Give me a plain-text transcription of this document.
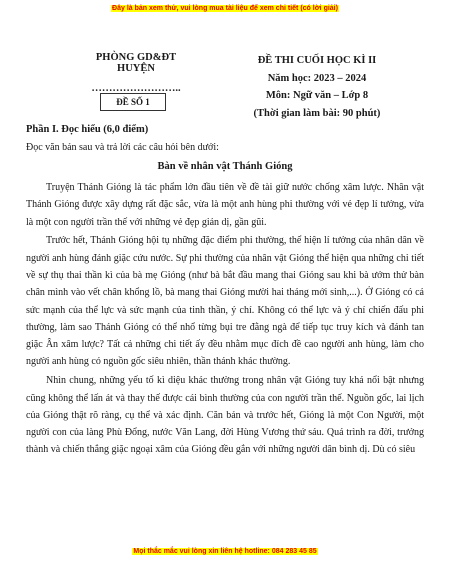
Đây là bản xem thử, vui lòng mua tài liệu để xem chi tiết (có lời giải)
PHÒNG GD&ĐT HUYỆN
……………………..
ĐỀ SỐ 1
ĐỀ THI CUỐI HỌC KÌ II
Năm học: 2023 – 2024
Môn: Ngữ văn – Lớp 8
(Thời gian làm bài: 90 phút)
Phần I. Đọc hiểu (6,0 điểm)
Đọc văn bản sau và trả lời các câu hỏi bên dưới:
Bàn về nhân vật Thánh Gióng

Truyện Thánh Gióng là tác phẩm lớn đầu tiên về đề tài giữ nước chống xâm lược. Nhân vật Thánh Gióng được xây dựng rất đặc sắc, vừa là một anh hùng phi thường với vẻ đẹp lí tưởng, vừa là một con người trần thế với những vẻ đẹp giản dị, gần gũi.

Trước hết, Thánh Gióng hội tụ những đặc điểm phi thường, thể hiện lí tưởng của nhân dân về người anh hùng đánh giặc cứu nước. Sự phi thường của nhân vật Gióng thể hiện qua những chi tiết về sự thụ thai thần kì của bà mẹ Gióng (như bà bắt đầu mang thai Gióng sau khi bà ướm thử bàn chân mình vào vết chân khổng lồ, bà mang thai Gióng mười hai tháng mới sinh,...). Ở Gióng có cả sức mạnh của thể lực và sức mạnh của tinh thần, ý chí. Không có thể lực và ý chí chiến đấu phi thường, làm sao Thánh Gióng có thể nhổ từng bụi tre đằng ngà để tiếp tục truy kích và đánh tan giặc Ân xâm lược? Tất cả những chi tiết ấy đều nhằm mục đích đề cao người anh hùng, làm cho người anh hùng có nguồn gốc siêu nhiên, thần thánh khác thường.

Nhìn chung, những yếu tố kì diệu khác thường trong nhân vật Gióng tuy khá nổi bật nhưng cũng không thể lấn át và thay thế được cái bình thường của con người trần thế. Nguồn gốc, lai lịch của Gióng thật rõ ràng, cụ thể và xác định. Căn bản và trước hết, Gióng là một Con Người, một người con của làng Phù Đổng, nước Văn Lang, đời Hùng Vương thứ sáu. Quá trình ra đời, trưởng thành và chiến thắng giặc ngoại xâm của Gióng đều gắn với những người dân bình dị. Dù có siêu

Mọi thắc mắc vui lòng xin liên hệ hotline: 084 283 45 85
